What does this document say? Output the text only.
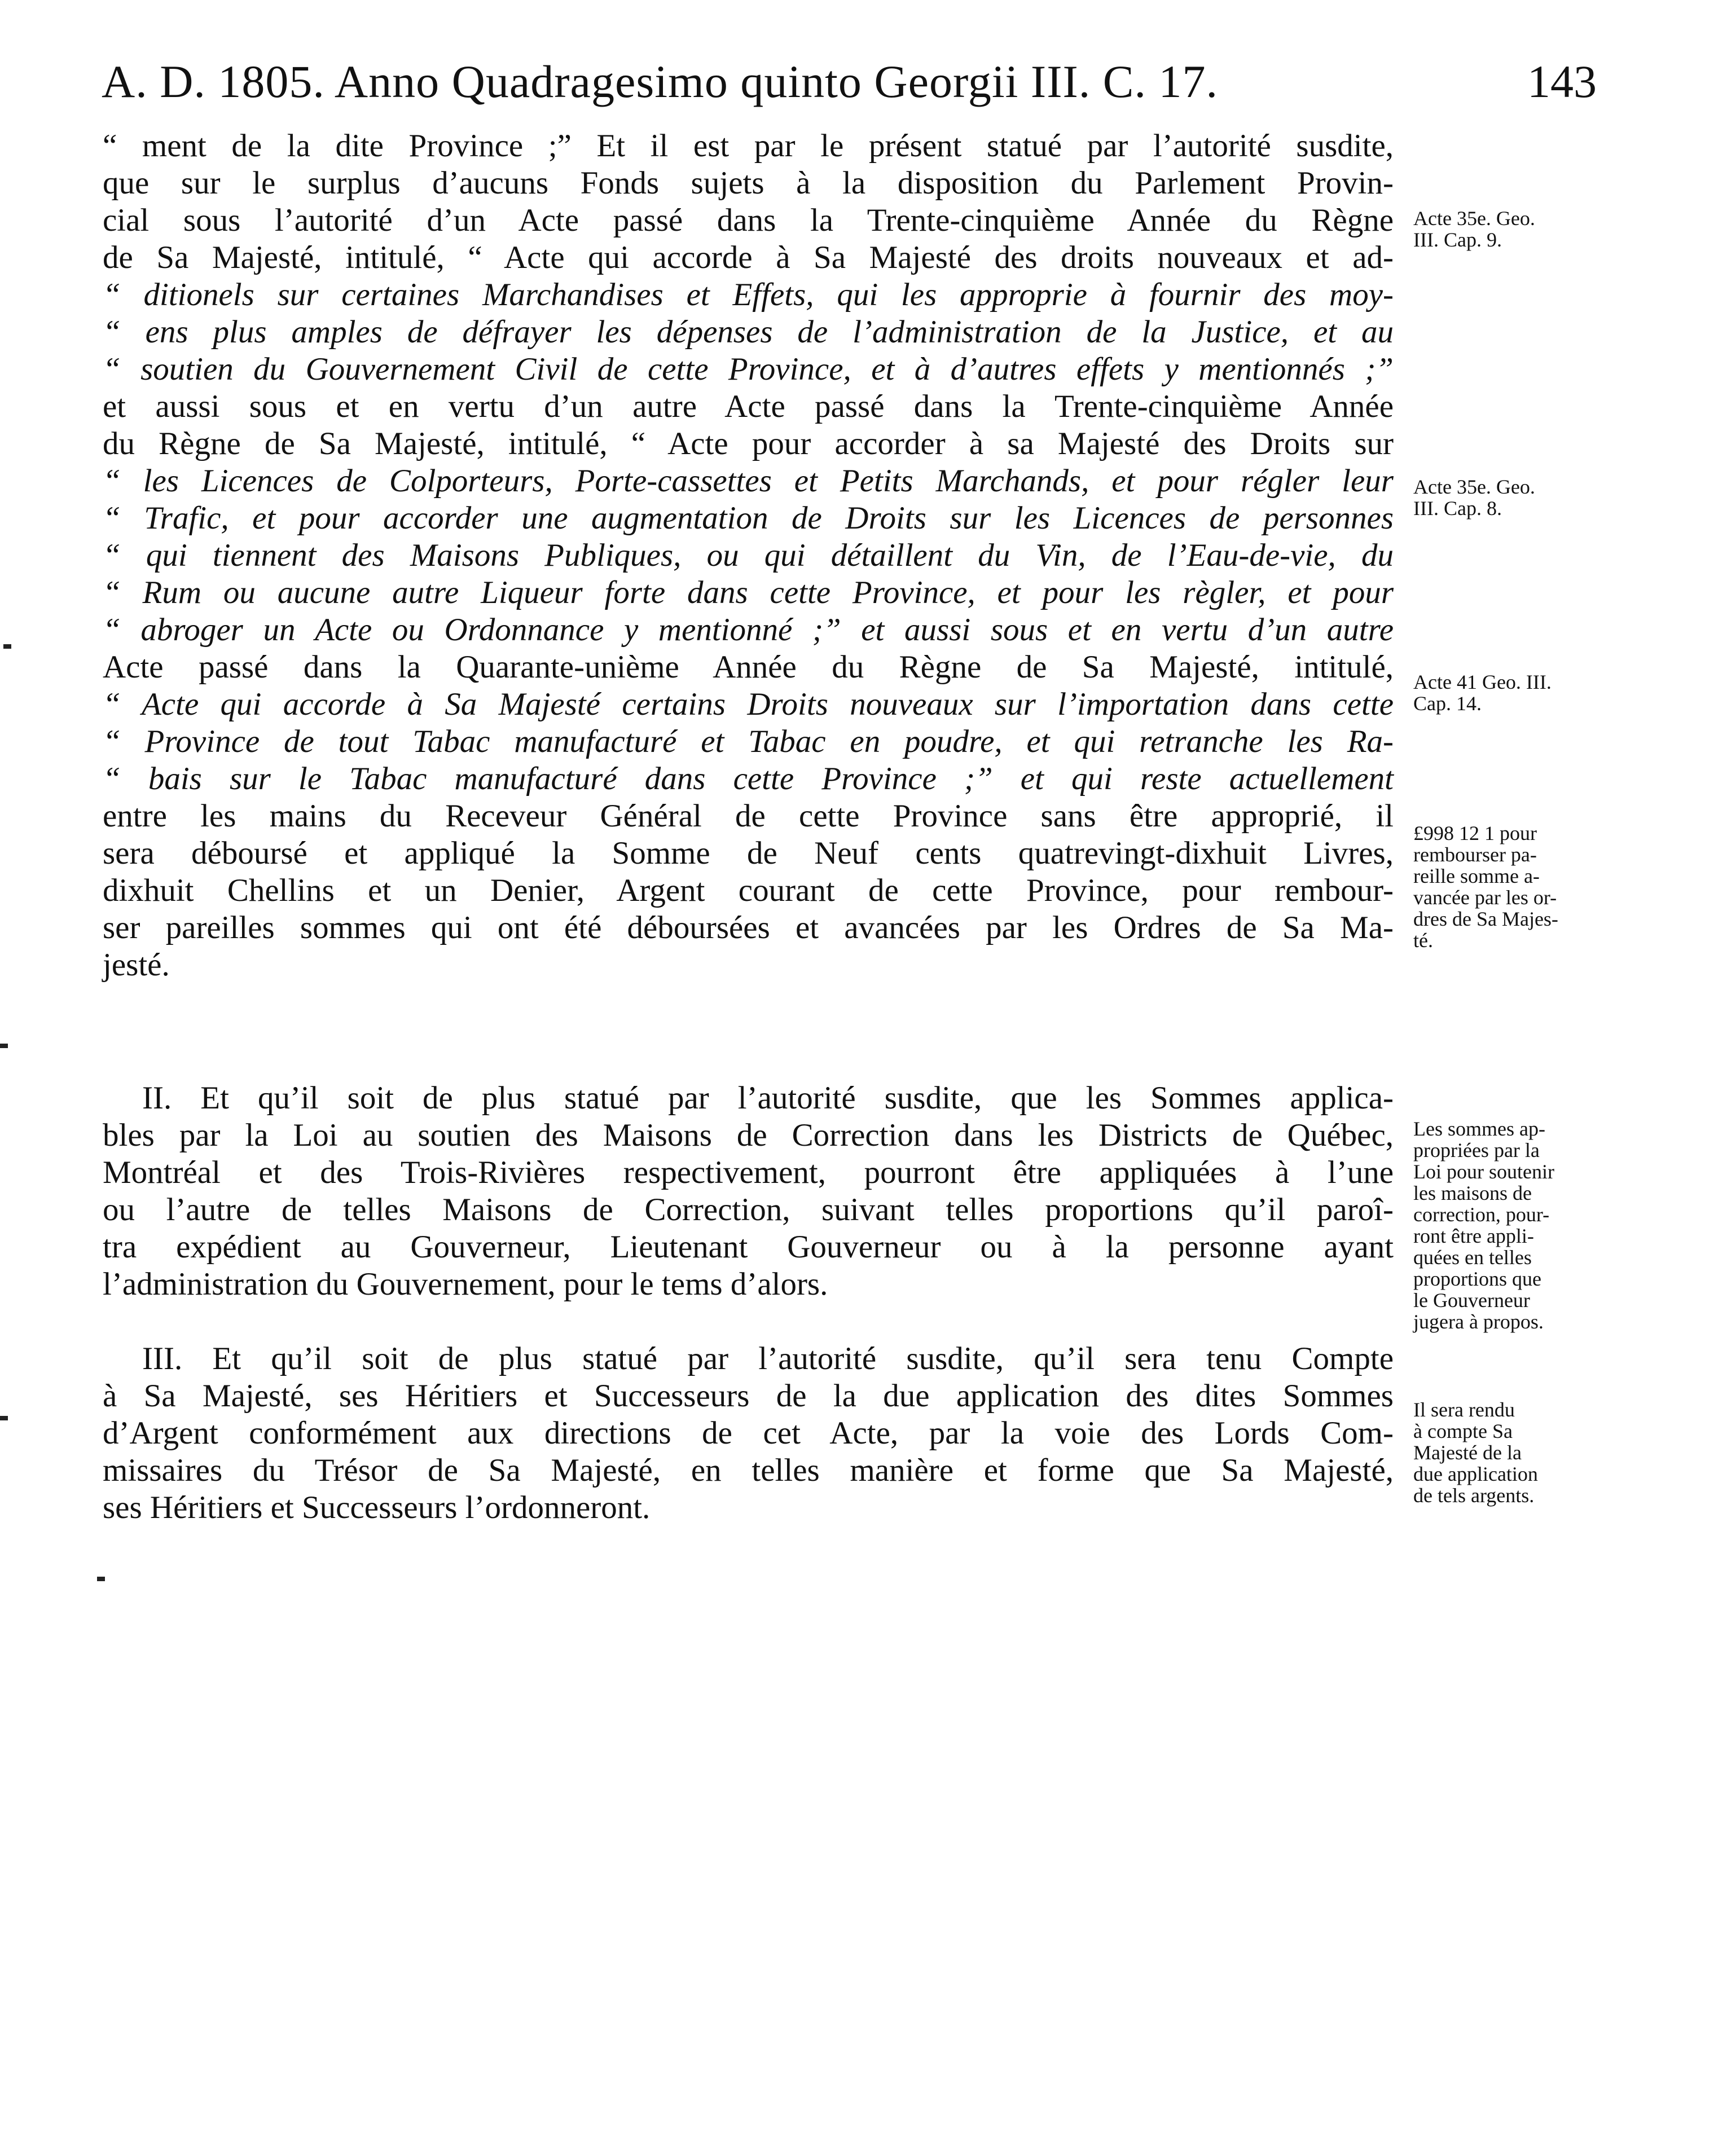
A. D. 1805. Anno Quadragesimo quinto Georgii III. C. 17.	143
“ ment de la dite Province ;” Et il est par le présent statué par l’autorité susdite,
que sur le surplus d’aucuns Fonds sujets à la disposition du Parlement Provin-
cial sous l’autorité d’un Acte passé dans la Trente-cinquième Année du Règne
de Sa Majesté, intitulé, “ Acte qui accorde à Sa Majesté des droits nouveaux et ad-
“ ditionels sur certaines Marchandises et Effets, qui les approprie à fournir des moy-
“ ens plus amples de défrayer les dépenses de l’administration de la Justice, et au
“ soutien du Gouvernement Civil de cette Province, et à d’autres effets y mentionnés ;”
et aussi sous et en vertu d’un autre Acte passé dans la Trente-cinquième Année
du Règne de Sa Majesté, intitulé, “ Acte pour accorder à sa Majesté des Droits sur
“ les Licences de Colporteurs, Porte-cassettes et Petits Marchands, et pour régler leur
“ Trafic, et pour accorder une augmentation de Droits sur les Licences de personnes
“ qui tiennent des Maisons Publiques, ou qui détaillent du Vin, de l’Eau-de-vie, du
“ Rum ou aucune autre Liqueur forte dans cette Province, et pour les règler, et pour
“ abroger un Acte ou Ordonnance y mentionné ;” et aussi sous et en vertu d’un autre
Acte passé dans la Quarante-unième Année du Règne de Sa Majesté, intitulé,
“ Acte qui accorde à Sa Majesté certains Droits nouveaux sur l’importation dans cette
“ Province de tout Tabac manufacturé et Tabac en poudre, et qui retranche les Ra-
“ bais sur le Tabac manufacturé dans cette Province ;” et qui reste actuellement
entre les mains du Receveur Général de cette Province sans être approprié, il
sera déboursé et appliqué la Somme de Neuf cents quatrevingt-dixhuit Livres,
dixhuit Chellins et un Denier, Argent courant de cette Province, pour rembour-
ser pareilles sommes qui ont été déboursées et avancées par les Ordres de Sa Ma-
jesté.
II. Et qu’il soit de plus statué par l’autorité susdite, que les Sommes applica-
bles par la Loi au soutien des Maisons de Correction dans les Districts de Québec,
Montréal et des Trois-Rivières respectivement, pourront être appliquées à l’une
ou l’autre de telles Maisons de Correction, suivant telles proportions qu’il paroî-
tra expédient au Gouverneur, Lieutenant Gouverneur ou à la personne ayant
l’administration du Gouvernement, pour le tems d’alors.
III. Et qu’il soit de plus statué par l’autorité susdite, qu’il sera tenu Compte
à Sa Majesté, ses Héritiers et Successeurs de la due application des dites Sommes
d’Argent conformément aux directions de cet Acte, par la voie des Lords Com-
missaires du Trésor de Sa Majesté, en telles manière et forme que Sa Majesté,
ses Héritiers et Successeurs l’ordonneront.
Acte 35e. Geo.
III. Cap. 9.
Acte 35e. Geo.
III. Cap. 8.
Acte 41 Geo. III.
Cap. 14.
£998 12 1 pour
rembourser pa-
reille somme a-
vancée par les or-
dres de Sa Majes-
té.
Les sommes ap-
propriées par la
Loi pour soutenir
les maisons de
correction, pour-
ront être appli-
quées en telles
proportions que
le Gouverneur
jugera à propos.
Il sera rendu
à compte Sa
Majesté de la
due application
de tels argents.
